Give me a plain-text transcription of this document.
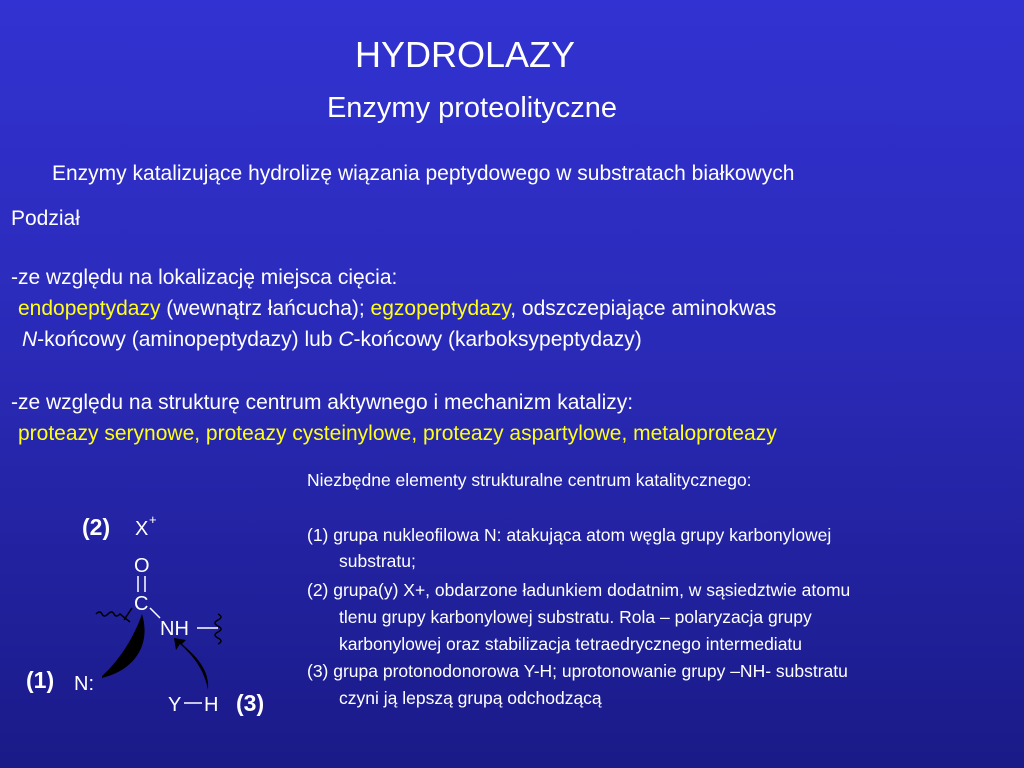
HYDROLAZY
Enzymy proteolityczne
Enzymy katalizujące hydrolizę wiązania peptydowego w substratach białkowych
Podział
-ze względu na lokalizację miejsca cięcia:
endopeptydazy (wewnątrz łańcucha); egzopeptydazy, odszczepiające aminokwas
N-końcowy (aminopeptydazy) lub C-końcowy (karboksypeptydazy)
-ze względu na strukturę centrum aktywnego i mechanizm katalizy:
proteazy serynowe, proteazy cysteinylowe, proteazy aspartylowe, metaloproteazy
Niezbędne elementy strukturalne centrum katalitycznego:
(1) grupa nukleofilowa N: atakująca atom węgla grupy karbonylowej
substratu;
(2) grupa(y) X+, obdarzone ładunkiem dodatnim, w sąsiedztwie atomu
tlenu grupy karbonylowej substratu. Rola – polaryzacja grupy
karbonylowej oraz stabilizacja tetraedrycznego intermediatu
(3) grupa protonodonorowa Y-H; uprotonowanie grupy –NH- substratu
czyni ją lepszą grupą odchodzącą
(2)
(1)
(3)
X +
O
C
NH
N:
Y H
